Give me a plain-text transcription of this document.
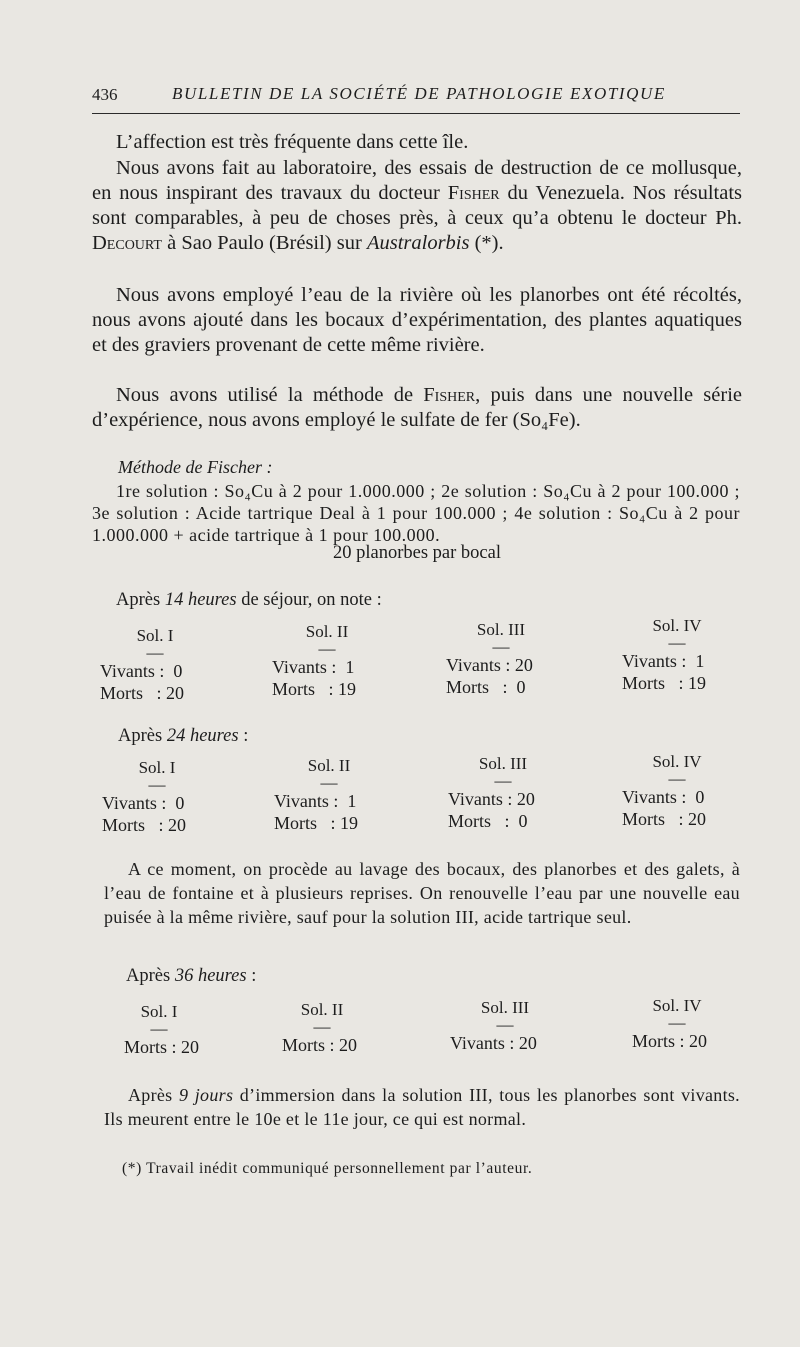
436	BULLETIN DE LA SOCIÉTÉ DE PATHOLOGIE EXOTIQUE

L’affection est très fréquente dans cette île.

Nous avons fait au laboratoire, des essais de destruction de ce mollusque, en nous inspirant des travaux du docteur Fisher du Venezuela. Nos résultats sont comparables, à peu de choses près, à ceux qu’a obtenu le docteur Ph. Decourt à Sao Paulo (Brésil) sur Australorbis (*).

Nous avons employé l’eau de la rivière où les planorbes ont été récoltés, nous avons ajouté dans les bocaux d’expérimentation, des plantes aquatiques et des graviers provenant de cette même rivière.

Nous avons utilisé la méthode de Fisher, puis dans une nouvelle série d’expérience, nous avons employé le sulfate de fer (So₄Fe).

Méthode de Fischer :

1re solution : So₄Cu à 2 pour 1.000.000 ; 2e solution : So₄Cu à 2 pour 100.000 ; 3e solution : Acide tartrique Deal à 1 pour 100.000 ; 4e solution : So₄Cu à 2 pour 1.000.000 + acide tartrique à 1 pour 100.000.

20 planorbes par bocal
Après 14 heures de séjour, on note :
Sol. I
—
Vivants :  0
Morts   : 20
Sol. II
—
Vivants :  1
Morts   : 19
Sol. III
—
Vivants : 20
Morts   :  0
Sol. IV
—
Vivants :  1
Morts   : 19
Après 24 heures :
Sol. I
—
Vivants :  0
Morts   : 20
Sol. II
—
Vivants :  1
Morts   : 19
Sol. III
—
Vivants : 20
Morts   :  0
Sol. IV
—
Vivants :  0
Morts   : 20

A ce moment, on procède au lavage des bocaux, des planorbes et des galets, à l’eau de fontaine et à plusieurs reprises. On renouvelle l’eau par une nouvelle eau puisée à la même rivière, sauf pour la solution III, acide tartrique seul.

Après 36 heures :
Sol. I
—
Morts : 20
Sol. II
—
Morts : 20
Sol. III
—
Vivants : 20
Sol. IV
—
Morts : 20

Après 9 jours d’immersion dans la solution III, tous les planorbes sont vivants. Ils meurent entre le 10e et le 11e jour, ce qui est normal.

(*) Travail inédit communiqué personnellement par l’auteur.
